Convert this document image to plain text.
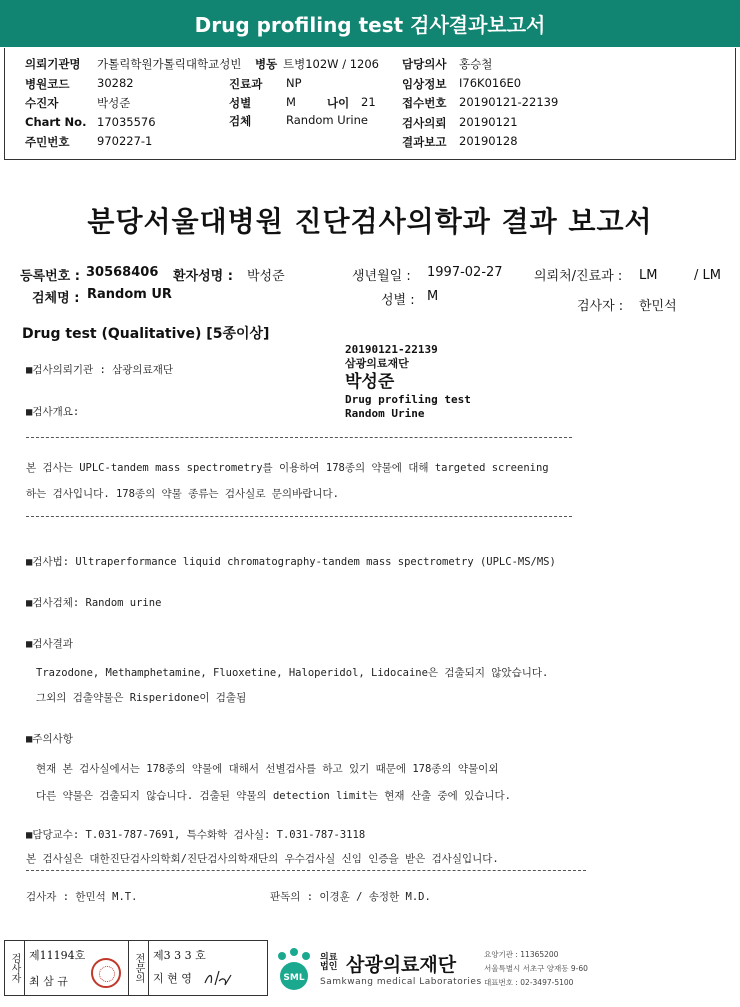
Drug profiling test 검사결과보고서
의뢰기관명 가톨릭학원가톨릭대학교성빈 병동 트병102W / 1206 담당의사 홍승철
병원코드 30282	진료과 NP	임상정보 I76K016E0
수진자	박성준	성별	M	나이 21 접수번호 20190121-22139
Chart No. 17035576	검체	Random Urine	검사의뢰 20190121
주민번호 970227-1	결과보고 20190128
분당서울대병원 진단검사의학과 결과 보고서
등록번호 : 30568406 환자성명 : 박성준	생년월일 : 1997-02-27 의뢰처/진료과 : LM	/ LM
검체명 : Random UR	성별 : M
검사자 : 한민석
Drug test (Qualitative) [5종이상]
20190121-22139
삼광의료재단
박성준
Drug profiling test
Random Urine
■검사의뢰기관 : 삼광의료재단
■검사개요:
본 검사는 UPLC-tandem mass spectrometry를 이용하여 178종의 약물에 대해 targeted screening
하는 검사입니다. 178종의 약물 종류는 검사실로 문의바랍니다.
■검사법: Ultraperformance liquid chromatography-tandem mass spectrometry (UPLC-MS/MS)
■검사검체: Random urine
■검사결과
Trazodone, Methamphetamine, Fluoxetine, Haloperidol, Lidocaine은 검출되지 않았습니다.
그외의 검출약물은 Risperidone이 검출됨
■주의사항
현재 본 검사실에서는 178종의 약물에 대해서 선별검사를 하고 있기 때문에 178종의 약물이외
다른 약물은 검출되지 않습니다. 검출된 약물의 detection limit는 현재 산출 중에 있습니다.
■담당교수: T.031-787-7691, 특수화학 검사실: T.031-787-3118
본 검사실은 대한진단검사의학회/진단검사의학재단의 우수검사실 신임 인증을 받은 검사실입니다.
검사자 : 한민석 M.T.	판독의 : 이경훈 / 송정한 M.D.
검사자 제11194호
최 삼 규	전문의 제3 3 3 호
지 현 영	SML
의료법인 삼광의료재단
Samkwang medical Laboratories
요양기관 : 11365200
서울특별시 서초구 양재동 9-60
대표번호 : 02-3497-5100
